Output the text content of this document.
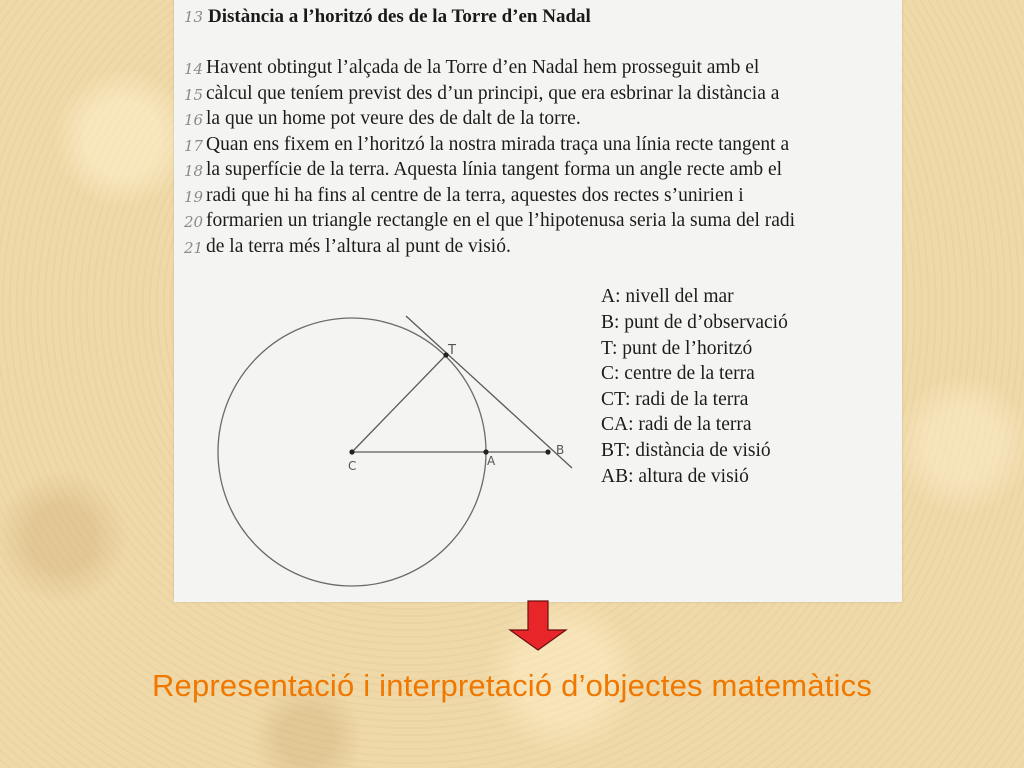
13 Distància a l’horitzó des de la Torre d’en Nadal
14 Havent obtingut l’alçada de la Torre d’en Nadal hem prosseguit amb el
15 càlcul que teníem previst des d’un principi, que era esbrinar la distància a
16 la que un home pot veure des de dalt de la torre.
17 Quan ens fixem en l’horitzó la nostra mirada traça una línia recte tangent a
18 la superfície de la terra. Aquesta línia tangent forma un angle recte amb el
19 radi que hi ha fins al centre de la terra, aquestes dos rectes s’unirien i
20 formarien un triangle rectangle en el que l’hipotenusa seria la suma del radi
21 de la terra més l’altura al punt de visió.
A: nivell del mar
B: punt de d’observació
T: punt de l’horitzó
C: centre de la terra
CT: radi de la terra
CA: radi de la terra
BT: distància de visió
AB: altura de visió
T
C	A
B
Representació i interpretació d’objectes matemàtics
